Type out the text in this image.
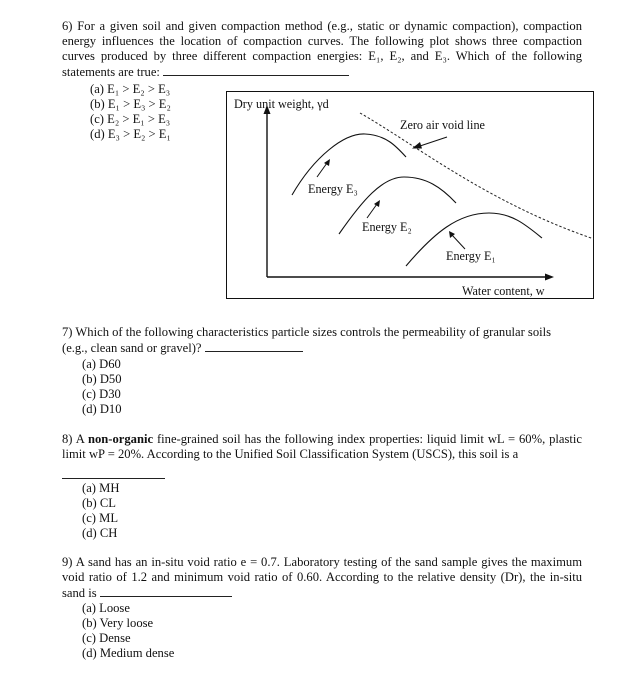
6) For a given soil and given compaction method (e.g., static or dynamic compaction), compaction energy influences the location of compaction curves. The following plot shows three compaction curves produced by three different compaction energies: E₁, E₂, and E₃. Which of the following statements are true:
(a) E₁ > E₂ > E₃
(b) E₁ > E₃ > E₂
(c) E₂ > E₁ > E₃
(d) E₃ > E₂ > E₁
Dry unit weight, γd
Water content, w
Zero air void line
Energy E₃
Energy E₂
Energy E₁
7) Which of the following characteristics particle sizes controls the permeability of granular soils
(e.g., clean sand or gravel)?
(a) D60
(b) D50
(c) D30
(d) D10
8) A non-organic fine-grained soil has the following index properties: liquid limit wL = 60%, plastic limit wP = 20%. According to the Unified Soil Classification System (USCS), this soil is a
(a) MH
(b) CL
(c) ML
(d) CH
9) A sand has an in-situ void ratio e = 0.7. Laboratory testing of the sand sample gives the maximum void ratio of 1.2 and minimum void ratio of 0.60. According to the relative density (Dr), the in-situ sand is
(a) Loose
(b) Very loose
(c) Dense
(d) Medium dense
